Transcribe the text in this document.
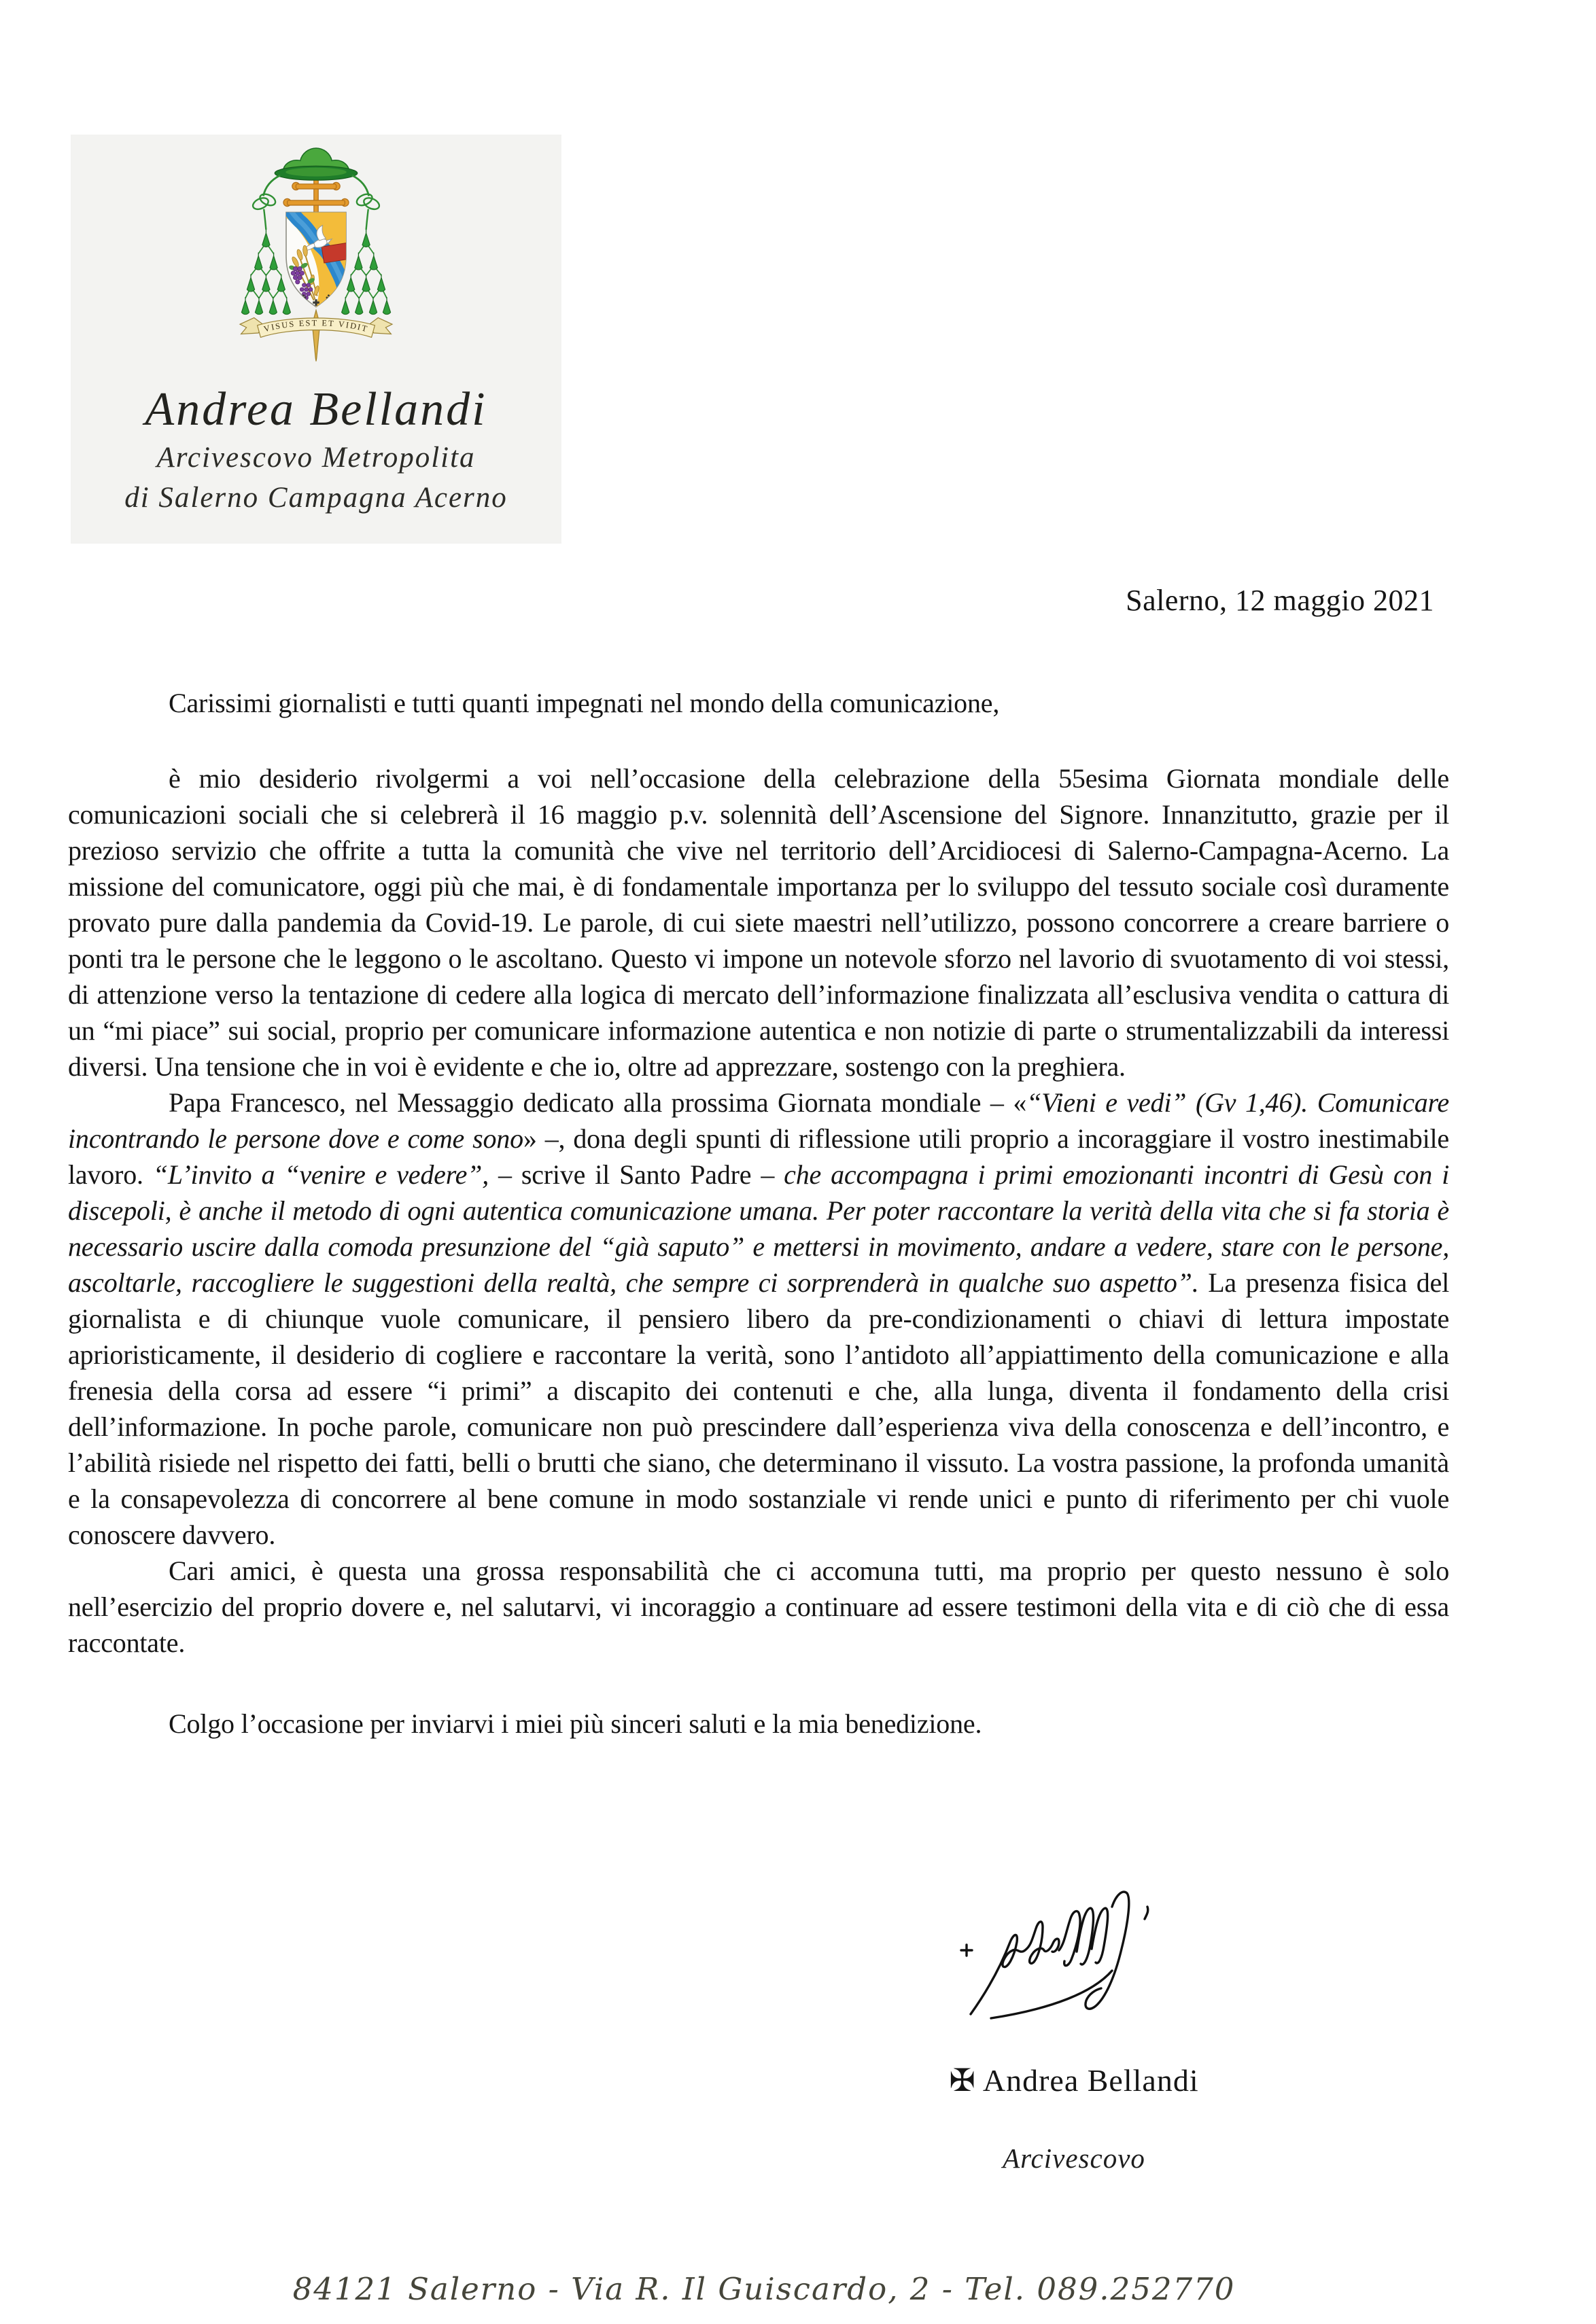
VISUS EST ET VIDIT
Andrea Bellandi
Arcivescovo Metropolita
di Salerno Campagna Acerno
Salerno, 12 maggio 2021

Carissimi giornalisti e tutti quanti impegnati nel mondo della comunicazione,

è mio desiderio rivolgermi a voi nell’occasione della celebrazione della 55esima Giornata mondiale delle comunicazioni sociali che si celebrerà il 16 maggio p.v. solennità dell’Ascensione del Signore. Innanzitutto, grazie per il prezioso servizio che offrite a tutta la comunità che vive nel territorio dell’Arcidiocesi di Salerno-Campagna-Acerno. La missione del comunicatore, oggi più che mai, è di fondamentale importanza per lo sviluppo del tessuto sociale così duramente provato pure dalla pandemia da Covid-19. Le parole, di cui siete maestri nell’utilizzo, possono concorrere a creare barriere o ponti tra le persone che le leggono o le ascoltano. Questo vi impone un notevole sforzo nel lavorio di svuotamento di voi stessi, di attenzione verso la tentazione di cedere alla logica di mercato dell’informazione finalizzata all’esclusiva vendita o cattura di un “mi piace” sui social, proprio per comunicare informazione autentica e non notizie di parte o strumentalizzabili da interessi diversi. Una tensione che in voi è evidente e che io, oltre ad apprezzare, sostengo con la preghiera.

Papa Francesco, nel Messaggio dedicato alla prossima Giornata mondiale – «“Vieni e vedi” (Gv 1,46). Comunicare incontrando le persone dove e come sono» –, dona degli spunti di riflessione utili proprio a incoraggiare il vostro inestimabile lavoro. “L’invito a “venire e vedere”, – scrive il Santo Padre – che accompagna i primi emozionanti incontri di Gesù con i discepoli, è anche il metodo di ogni autentica comunicazione umana. Per poter raccontare la verità della vita che si fa storia è necessario uscire dalla comoda presunzione del “già saputo” e mettersi in movimento, andare a vedere, stare con le persone, ascoltarle, raccogliere le suggestioni della realtà, che sempre ci sorprenderà in qualche suo aspetto”. La presenza fisica del giornalista e di chiunque vuole comunicare, il pensiero libero da pre-condizionamenti o chiavi di lettura impostate aprioristicamente, il desiderio di cogliere e raccontare la verità, sono l’antidoto all’appiattimento della comunicazione e alla frenesia della corsa ad essere “i primi” a discapito dei contenuti e che, alla lunga, diventa il fondamento della crisi dell’informazione. In poche parole, comunicare non può prescindere dall’esperienza viva della conoscenza e dell’incontro, e l’abilità risiede nel rispetto dei fatti, belli o brutti che siano, che determinano il vissuto. La vostra passione, la profonda umanità e la consapevolezza di concorrere al bene comune in modo sostanziale vi rende unici e punto di riferimento per chi vuole conoscere davvero.

Cari amici, è questa una grossa responsabilità che ci accomuna tutti, ma proprio per questo nessuno è solo nell’esercizio del proprio dovere e, nel salutarvi, vi incoraggio a continuare ad essere testimoni della vita e di ciò che di essa raccontate.

Colgo l’occasione per inviarvi i miei più sinceri saluti e la mia benedizione.

✠ Andrea Bellandi
Arcivescovo
84121 Salerno - Via R. Il Guiscardo, 2 - Tel. 089.252770
